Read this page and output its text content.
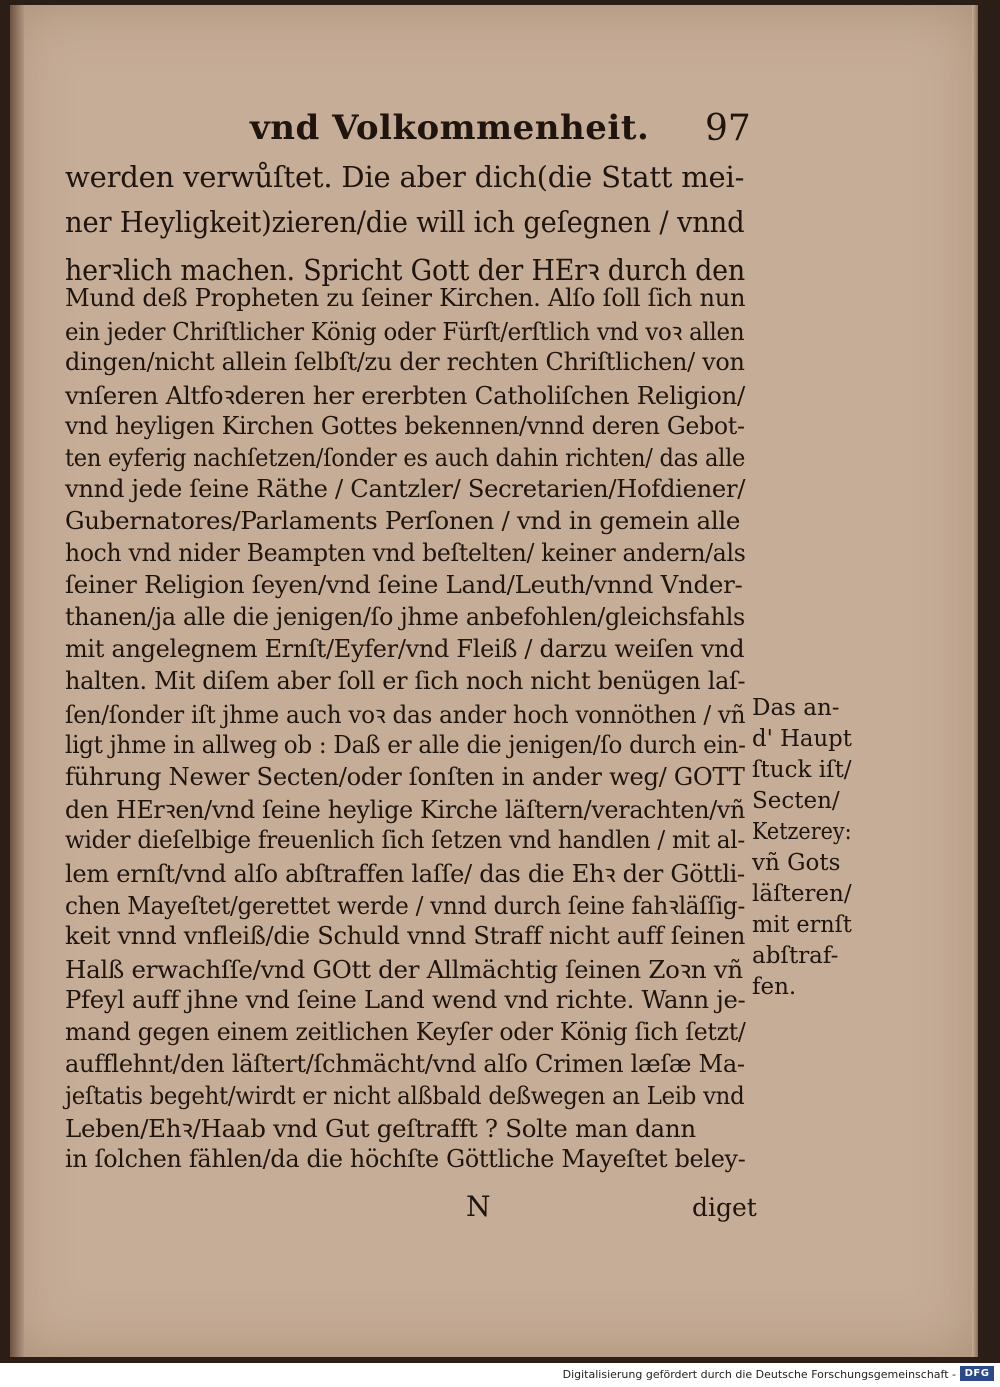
vnd Volkommenheit. 97
werden verwůſtet. Die aber dich(die Statt mei-
ner Heyligkeit)zieren/die will ich geſegnen / vnnd
herꝛlich machen. Spricht Gott der HErꝛ durch den
Mund deß Propheten zu ſeiner Kirchen. Alſo ſoll ſich nun
ein jeder Chriſtlicher König oder Fürſt/erſtlich vnd voꝛ allen
dingen/nicht allein ſelbſt/zu der rechten Chriſtlichen/ von
vnſeren Altfoꝛderen her ererbten Catholiſchen Religion/
vnd heyligen Kirchen Gottes bekennen/vnnd deren Gebot-
ten eyferig nachſetzen/ſonder es auch dahin richten/ das alle
vnnd jede ſeine Räthe / Cantzler/ Secretarien/Hofdiener/
Gubernatores/Parlaments Perſonen / vnd in gemein alle
hoch vnd nider Beampten vnd beſtelten/ keiner andern/als
ſeiner Religion ſeyen/vnd ſeine Land/Leuth/vnnd Vnder-
thanen/ja alle die jenigen/ſo jhme anbefohlen/gleichsfahls
mit angelegnem Ernſt/Eyfer/vnd Fleiß / darzu weiſen vnd
halten. Mit diſem aber ſoll er ſich noch nicht benügen laſ-
ſen/ſonder iſt jhme auch voꝛ das ander hoch vonnöthen / vñ
ligt jhme in allweg ob : Daß er alle die jenigen/ſo durch ein-
führung Newer Secten/oder ſonſten in ander weg/ GOTT
den HErꝛen/vnd ſeine heylige Kirche läſtern/verachten/vñ
wider dieſelbige freuenlich ſich ſetzen vnd handlen / mit al-
lem ernſt/vnd alſo abſtraffen laſſe/ das die Ehꝛ der Göttli-
chen Mayeſtet/gerettet werde / vnnd durch ſeine fahꝛläſſig-
keit vnnd vnfleiß/die Schuld vnnd Straff nicht auff ſeinen
Halß erwachſſe/vnd GOtt der Allmächtig ſeinen Zoꝛn vñ
Pfeyl auff jhne vnd ſeine Land wend vnd richte. Wann je-
mand gegen einem zeitlichen Keyſer oder König ſich ſetzt/
aufflehnt/den läſtert/ſchmächt/vnd alſo Crimen læſæ Ma-
jeſtatis begeht/wirdt er nicht alßbald deßwegen an Leib vnd
Leben/Ehꝛ/Haab vnd Gut geſtrafft ? Solte man dann
in ſolchen fählen/da die höchſte Göttliche Mayeſtet beley-
Das an-
d' Haupt
ſtuck iſt/
Secten/
Ketzerey:
vñ Gots
läſteren/
mit ernſt
abſtraf-
fen.
N	diget
Digitalisierung gefördert durch die Deutsche Forschungsgemeinschaft - DFG
